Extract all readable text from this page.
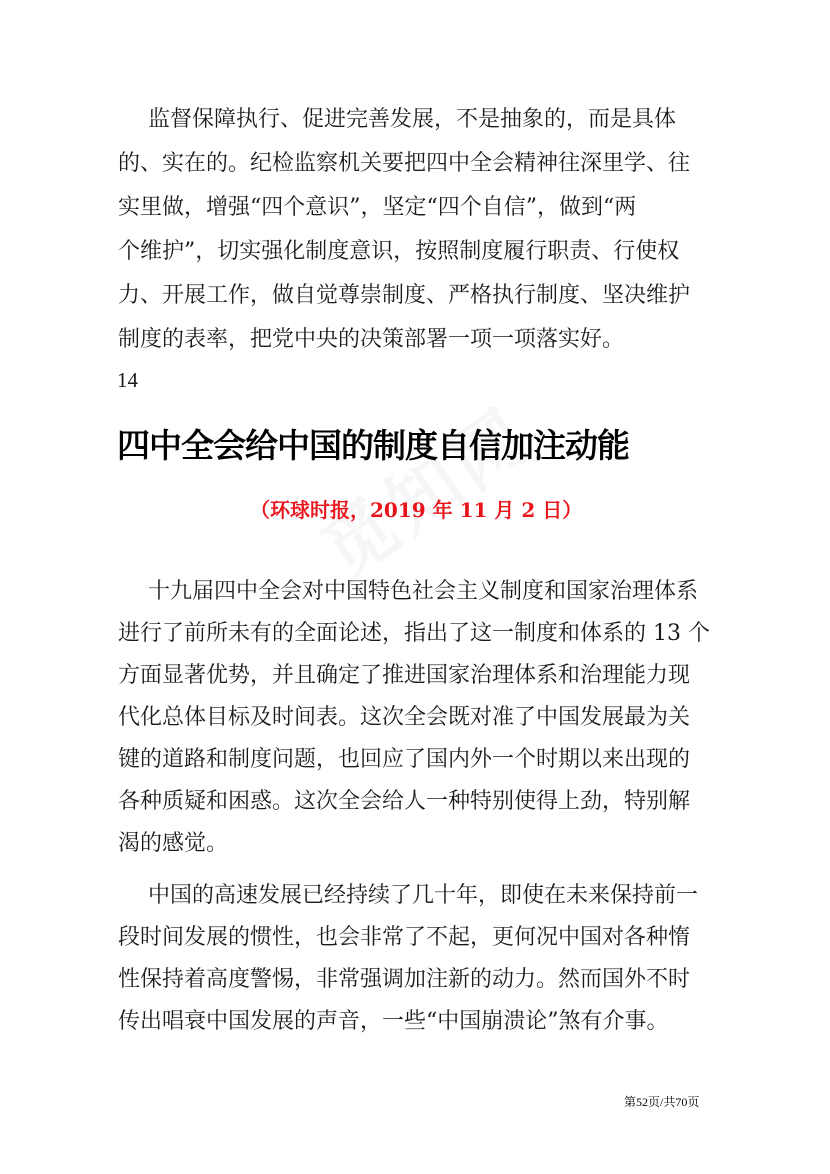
监督保障执行、促进完善发展，不是抽象的，而是具体
的、实在的。纪检监察机关要把四中全会精神往深里学、往
实里做，增强“四个意识”，坚定“四个自信”，做到“两
个维护”，切实强化制度意识，按照制度履行职责、行使权
力、开展工作，做自觉尊崇制度、严格执行制度、坚决维护
制度的表率，把党中央的决策部署一项一项落实好。
14
四中全会给中国的制度自信加注动能
（环球时报，2019 年 11 月 2 日）
十九届四中全会对中国特色社会主义制度和国家治理体系
进行了前所未有的全面论述，指出了这一制度和体系的 13 个
方面显著优势，并且确定了推进国家治理体系和治理能力现
代化总体目标及时间表。这次全会既对准了中国发展最为关
键的道路和制度问题，也回应了国内外一个时期以来出现的
各种质疑和困惑。这次全会给人一种特别使得上劲，特别解
渴的感觉。
中国的高速发展已经持续了几十年，即使在未来保持前一
段时间发展的惯性，也会非常了不起，更何况中国对各种惰
性保持着高度警惕，非常强调加注新的动力。然而国外不时
传出唱衰中国发展的声音，一些“中国崩溃论”煞有介事。
第52页/共70页
